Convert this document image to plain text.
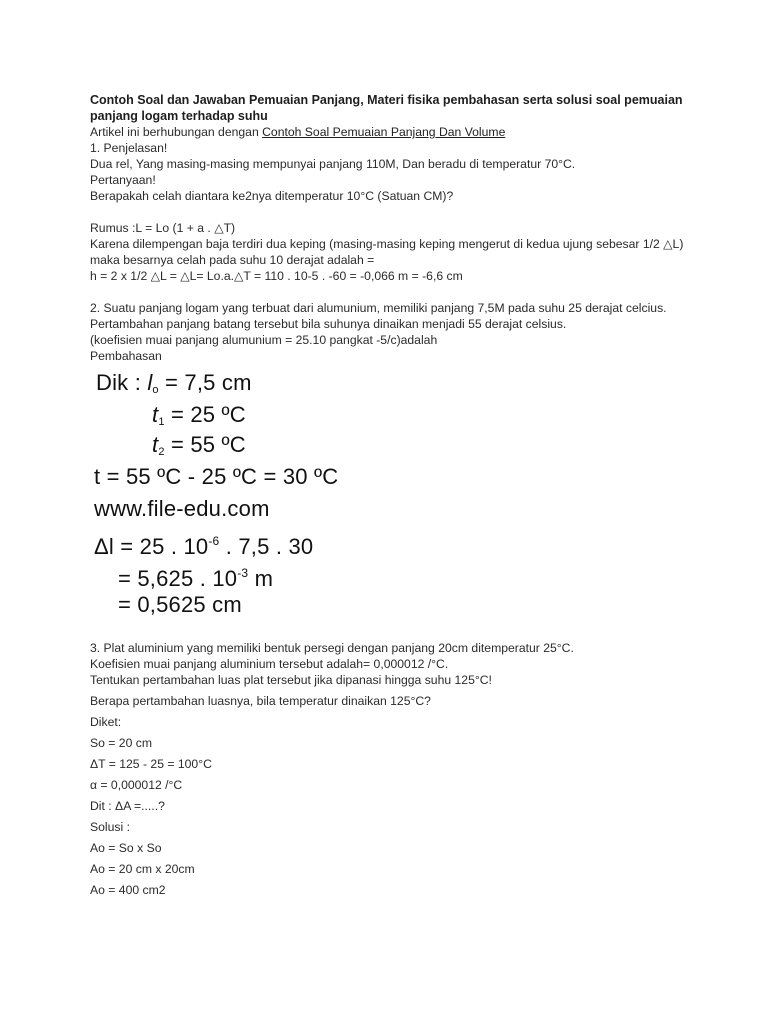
Contoh Soal dan Jawaban Pemuaian Panjang, Materi fisika pembahasan serta solusi soal pemuaian panjang logam terhadap suhu
Artikel ini berhubungan dengan Contoh Soal Pemuaian Panjang Dan Volume
1. Penjelasan!
Dua rel, Yang masing-masing mempunyai panjang 110M, Dan beradu di temperatur 70°C.
Pertanyaan!
Berapakah celah diantara ke2nya ditemperatur 10°C (Satuan CM)?
Rumus :L = Lo (1 + a . △T)
Karena dilempengan baja terdiri dua keping (masing-masing keping mengerut di kedua ujung sebesar 1/2 △L)
maka besarnya celah pada suhu 10 derajat adalah =
h = 2 x 1/2 △L = △L= Lo.a.△T = 110 . 10-5 . -60 = -0,066 m = -6,6 cm
2. Suatu panjang logam yang terbuat dari alumunium, memiliki panjang 7,5M pada suhu 25 derajat celcius.
Pertambahan panjang batang tersebut bila suhunya dinaikan menjadi 55 derajat celsius.
(koefisien muai panjang alumunium = 25.10 pangkat -5/c)adalah
Pembahasan
Dik : $l_o = 7,5$ cm
$t_1 = 25$ ºC
$t_2 = 55$ ºC
t = 55 ºC - 25 ºC = 30 ºC
www.file-edu.com
Δl = 25 . $10^{-6}$ . 7,5 . 30
= 5,625 . $10^{-3}$ m
= 0,5625 cm
3. Plat aluminium yang memiliki bentuk persegi dengan panjang 20cm ditemperatur 25°C.
Koefisien muai panjang aluminium tersebut adalah= 0,000012 /°C.
Tentukan pertambahan luas plat tersebut jika dipanasi hingga suhu 125°C!
Berapa pertambahan luasnya, bila temperatur dinaikan 125°C?
Diket:
So = 20 cm
ΔT = 125 - 25 = 100°C
α = 0,000012 /°C
Dit : ΔA =.....?
Solusi :
Ao = So x So
Ao = 20 cm x 20cm
Ao = 400 cm2
